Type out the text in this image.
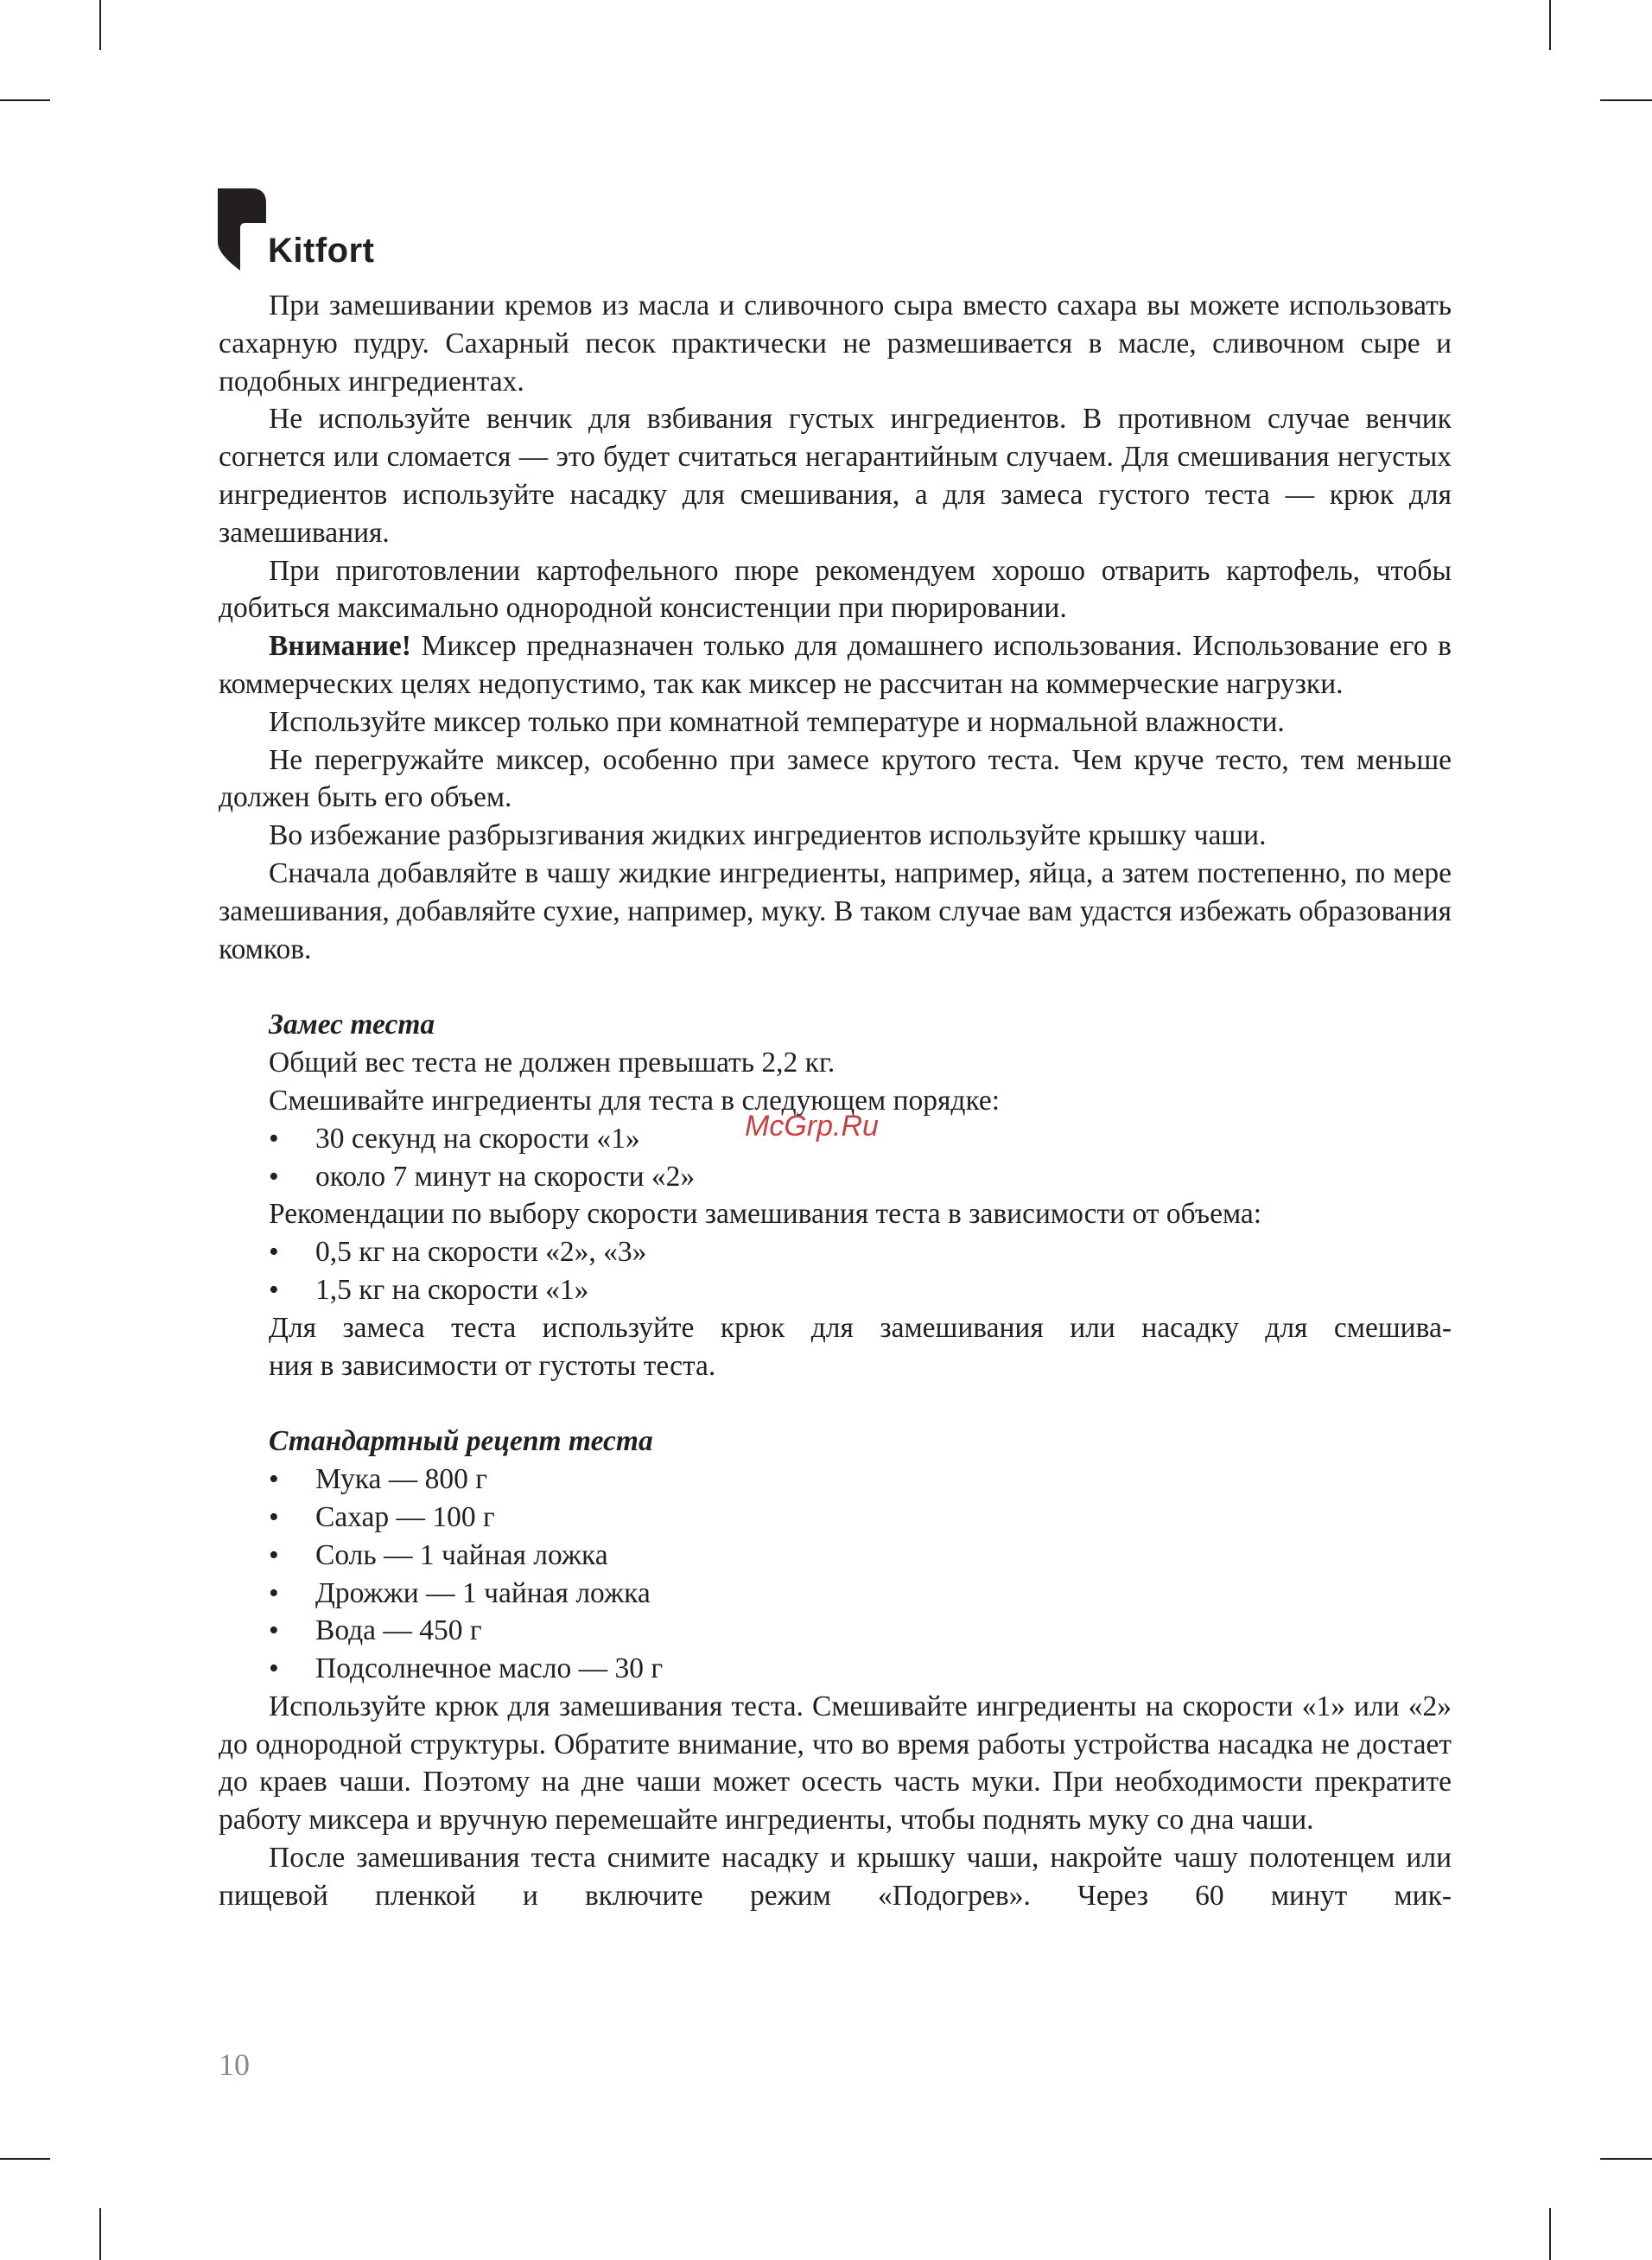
Kitfort

При замешивании кремов из масла и сливочного сыра вместо сахара вы можете использовать сахарную пудру. Сахарный песок практически не размешивается в масле, сливочном сыре и подобных ингредиентах.

Не используйте венчик для взбивания густых ингредиентов. В противном случае венчик согнется или сломается — это будет считаться негарантийным случаем. Для смешивания негустых ингредиентов используйте насадку для смешивания, а для замеса густого теста — крюк для замешивания.

При приготовлении картофельного пюре рекомендуем хорошо отварить картофель, чтобы добиться максимально однородной консистенции при пюрировании.

Внимание! Миксер предназначен только для домашнего использования. Использование его в коммерческих целях недопустимо, так как миксер не рассчитан на коммерческие нагрузки.

Используйте миксер только при комнатной температуре и нормальной влажности.

Не перегружайте миксер, особенно при замесе крутого теста. Чем круче тесто, тем меньше должен быть его объем.

Во избежание разбрызгивания жидких ингредиентов используйте крышку чаши.

Сначала добавляйте в чашу жидкие ингредиенты, например, яйца, а затем постепенно, по мере замешивания, добавляйте сухие, например, муку. В таком случае вам удастся избежать образования комков.

Замес теста
Общий вес теста не должен превышать 2,2 кг.
Смешивайте ингредиенты для теста в следующем порядке:
• 30 секунд на скорости «1»
• около 7 минут на скорости «2»
Рекомендации по выбору скорости замешивания теста в зависимости от объема:
• 0,5 кг на скорости «2», «3»
• 1,5 кг на скорости «1»
Для замеса теста используйте крюк для замешивания или насадку для смешива-
ния в зависимости от густоты теста.
Стандартный рецепт теста
• Мука — 800 г
• Сахар — 100 г
• Соль — 1 чайная ложка
• Дрожжи — 1 чайная ложка
• Вода — 450 г
• Подсолнечное масло — 30 г

Используйте крюк для замешивания теста. Смешивайте ингредиенты на скорости «1» или «2» до однородной структуры. Обратите внимание, что во время работы устройства насадка не достает до краев чаши. Поэтому на дне чаши может осесть часть муки. При необходимости прекратите работу миксера и вручную перемешайте ингредиенты, чтобы поднять муку со дна чаши.

После замешивания теста снимите насадку и крышку чаши, накройте чашу полотенцем или пищевой пленкой и включите режим «Подогрев». Через 60 минут мик-

McGrp.Ru
10
